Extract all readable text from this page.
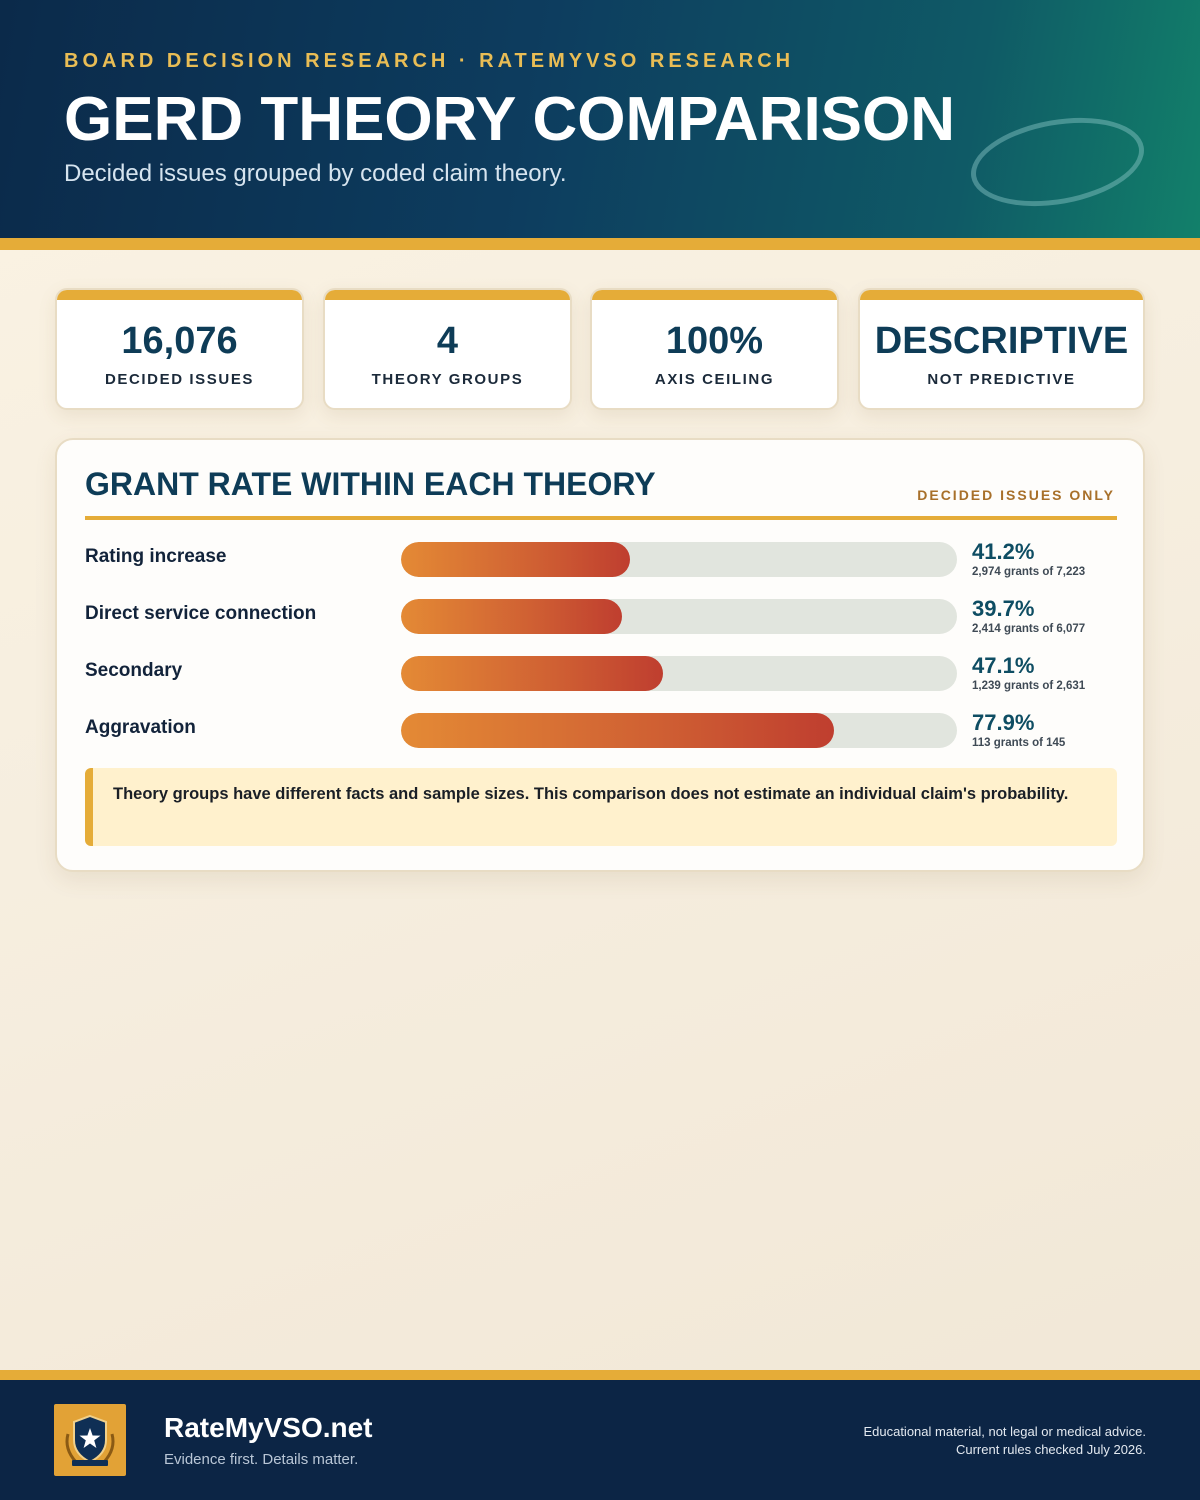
BOARD DECISION RESEARCH · RATEMYVSO RESEARCH
GERD THEORY COMPARISON
Decided issues grouped by coded claim theory.
16,076
DECIDED ISSUES
4
THEORY GROUPS
100%
AXIS CEILING
DESCRIPTIVE
NOT PREDICTIVE
GRANT RATE WITHIN EACH THEORY	DECIDED ISSUES ONLY
Rating increase	41.2%
2,974 grants of 7,223
Direct service connection	39.7%
2,414 grants of 6,077
Secondary	47.1%
1,239 grants of 2,631
Aggravation	77.9%
113 grants of 145
Theory groups have different facts and sample sizes. This comparison does not estimate an individual claim's probability.
RateMyVSO.net
Evidence first. Details matter.
Educational material, not legal or medical advice.
Current rules checked July 2026.
